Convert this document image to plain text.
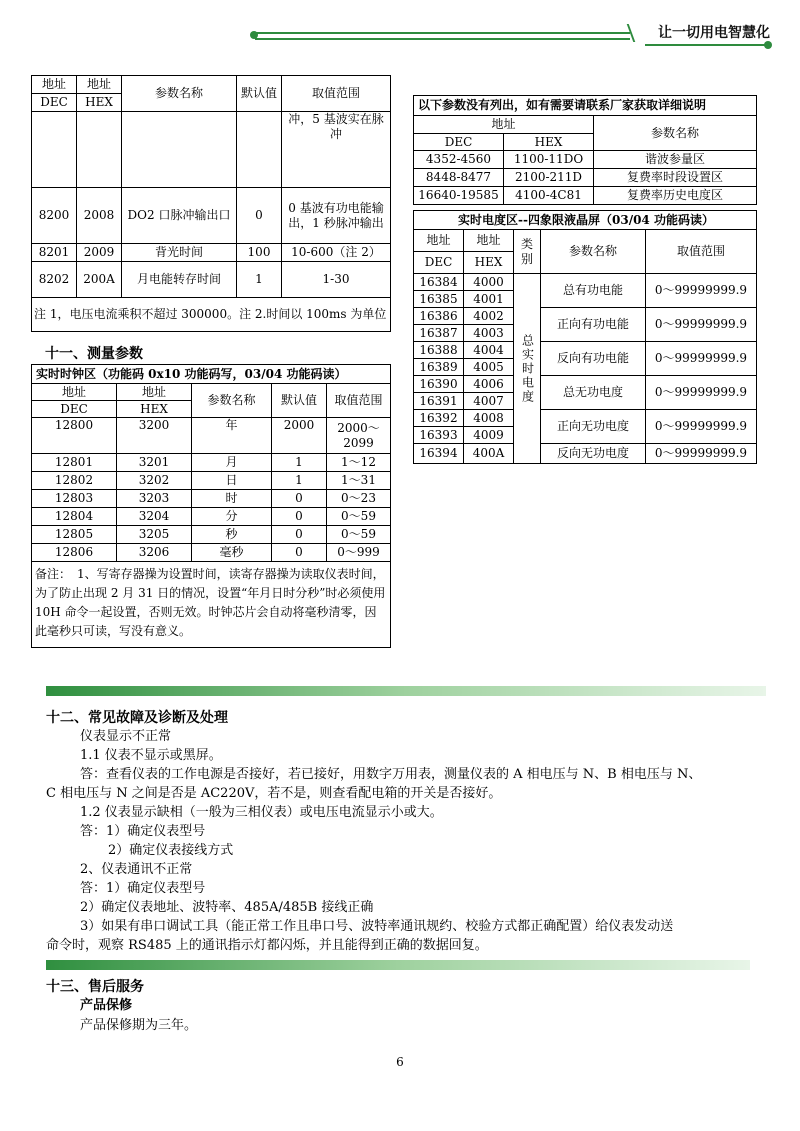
让一切用电智慧化
地址	地址	参数名称	默认值	取值范围
DEC	HEX			
				冲，5 基波实在脉冲
8200	2008	DO2 口脉冲输出口	0	0 基波有功电能输出，1 秒脉冲输出
8201	2009	背光时间	100	10-600（注 2）
8202	200A	月电能转存时间	1	1-30
注 1，电压电流乘积不超过 300000。注 2.时间以 100ms 为单位				
十一、测量参数
实时时钟区（功能码 0x10 功能码写，03/04 功能码读）				
地址	地址	参数名称	默认值	取值范围
DEC	HEX			
12800	3200	年	2000	2000～2099
12801	3201	月	1	1～12
12802	3202	日	1	1～31
12803	3203	时	0	0～23
12804	3204	分	0	0～59
12805	3205	秒	0	0～59
12806	3206	毫秒	0	0～999
备注：　1、写寄存器操为设置时间，读寄存器操为读取仪表时间，为了防止出现 2 月 31 日的情况，设置“年月日时分秒”时必须使用 10H 命令一起设置，否则无效。时钟芯片会自动将毫秒清零，因此毫秒只可读，写没有意义。				
以下参数没有列出，如有需要请联系厂家获取详细说明		
地址		参数名称
DEC	HEX	
4352-4560	1100-11DO	谐波参量区
8448-8477	2100-211D	复费率时段设置区
16640-19585	4100-4C81	复费率历史电度区
实时电度区--四象限液晶屏（03/04 功能码读）				
地址	地址	类别	参数名称	取值范围
DEC	HEX			
16384	4000	总实时电度	总有功电能	0～99999999.9
16385	4001			
16386	4002		正向有功电能	0～99999999.9
16387	4003			
16388	4004		反向有功电能	0～99999999.9
16389	4005			
16390	4006		总无功电度	0～99999999.9
16391	4007			
16392	4008		正向无功电度	0～99999999.9
16393	4009			
16394	400A		反向无功电度	0～99999999.9
十二、常见故障及诊断及处理
仪表显示不正常
1.1 仪表不显示或黑屏。
答：查看仪表的工作电源是否接好，若已接好，用数字万用表，测量仪表的 A 相电压与 N、B 相电压与 N、
C 相电压与 N 之间是否是 AC220V，若不是，则查看配电箱的开关是否接好。
1.2 仪表显示缺相（一般为三相仪表）或电压电流显示小或大。
答：1）确定仪表型号
2）确定仪表接线方式
2、仪表通讯不正常
答：1）确定仪表型号
2）确定仪表地址、波特率、485A/485B 接线正确
3）如果有串口调试工具（能正常工作且串口号、波特率通讯规约、校验方式都正确配置）给仪表发动送
命令时，观察 RS485 上的通讯指示灯都闪烁，并且能得到正确的数据回复。
十三、售后服务
产品保修
产品保修期为三年。
6
